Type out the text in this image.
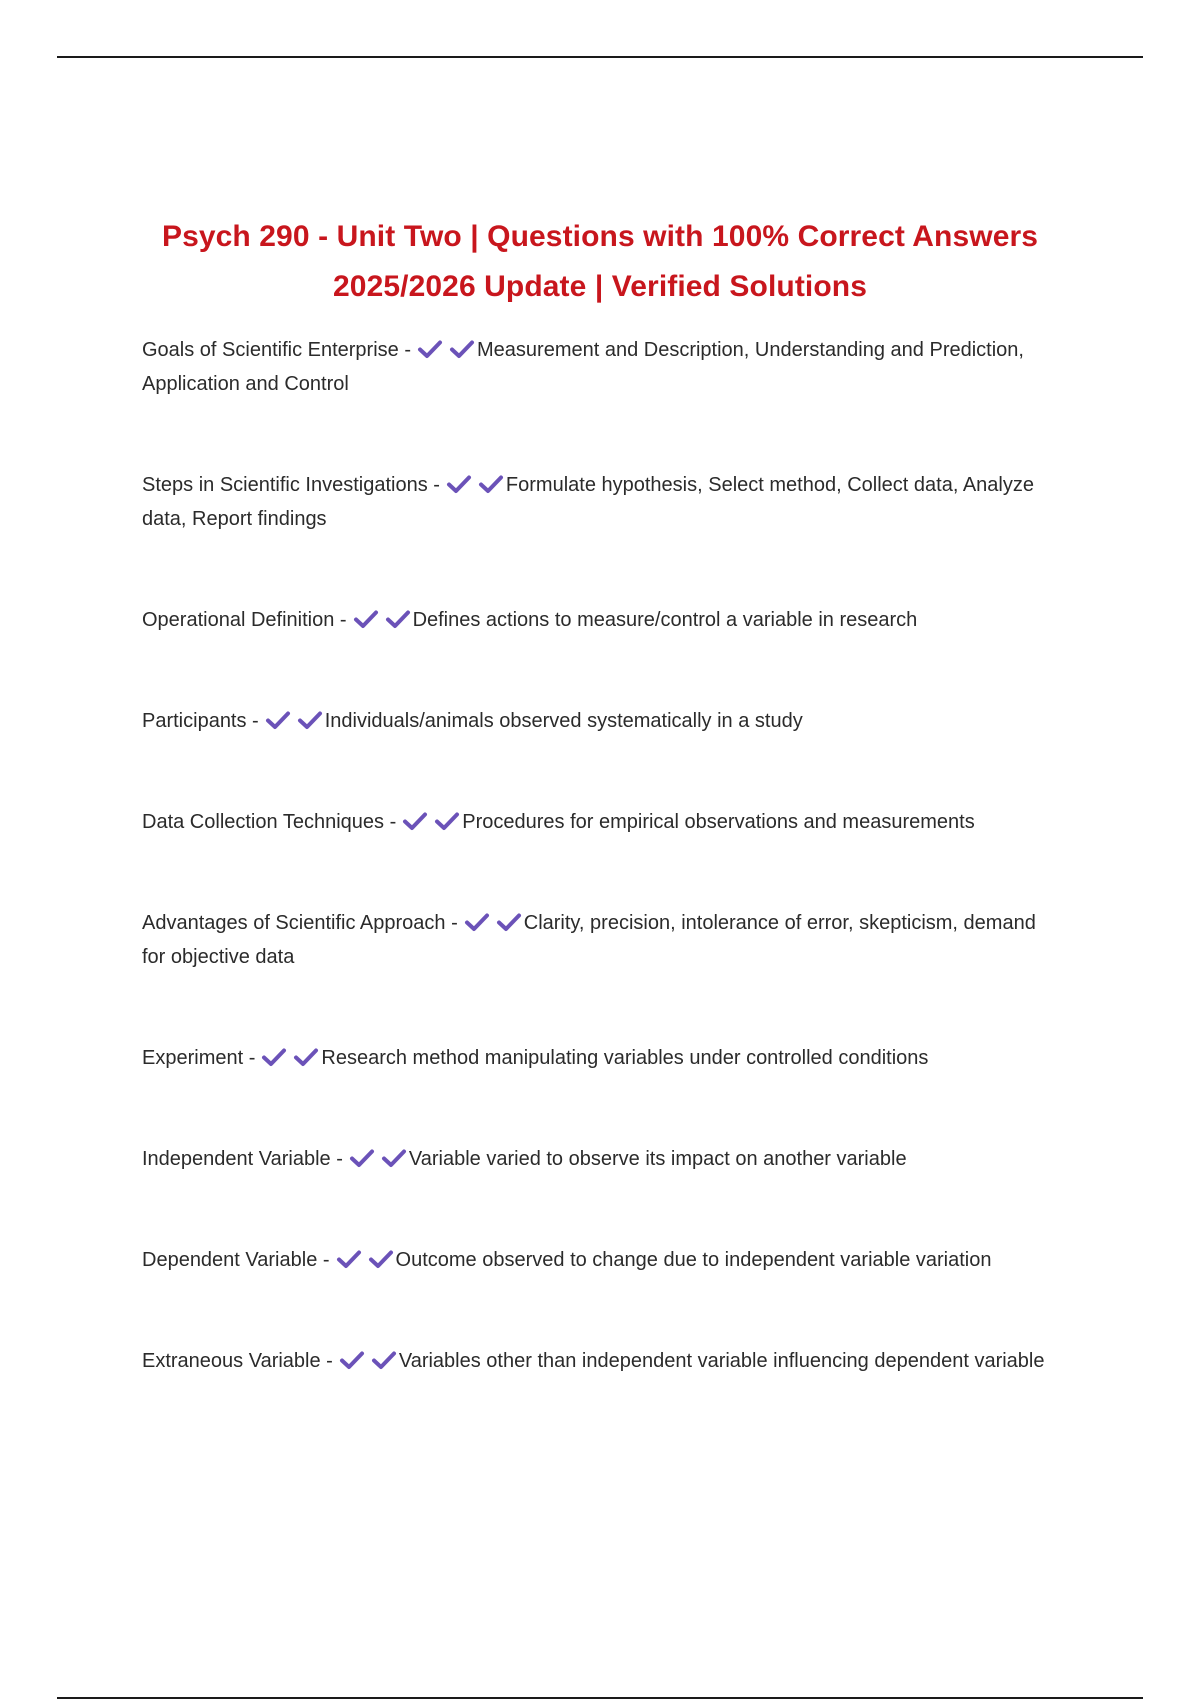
Psych 290 - Unit Two | Questions with 100% Correct Answers
2025/2026 Update | Verified Solutions
Goals of Scientific Enterprise -	Measurement and Description, Understanding and Prediction, Application and Control
Steps in Scientific Investigations -	Formulate hypothesis, Select method, Collect data, Analyze data, Report findings
Operational Definition -	Defines actions to measure/control a variable in research
Participants -	Individuals/animals observed systematically in a study
Data Collection Techniques -	Procedures for empirical observations and measurements
Advantages of Scientific Approach -	Clarity, precision, intolerance of error, skepticism, demand for objective data
Experiment -	Research method manipulating variables under controlled conditions
Independent Variable -	Variable varied to observe its impact on another variable
Dependent Variable -	Outcome observed to change due to independent variable variation
Extraneous Variable -	Variables other than independent variable influencing dependent variable
